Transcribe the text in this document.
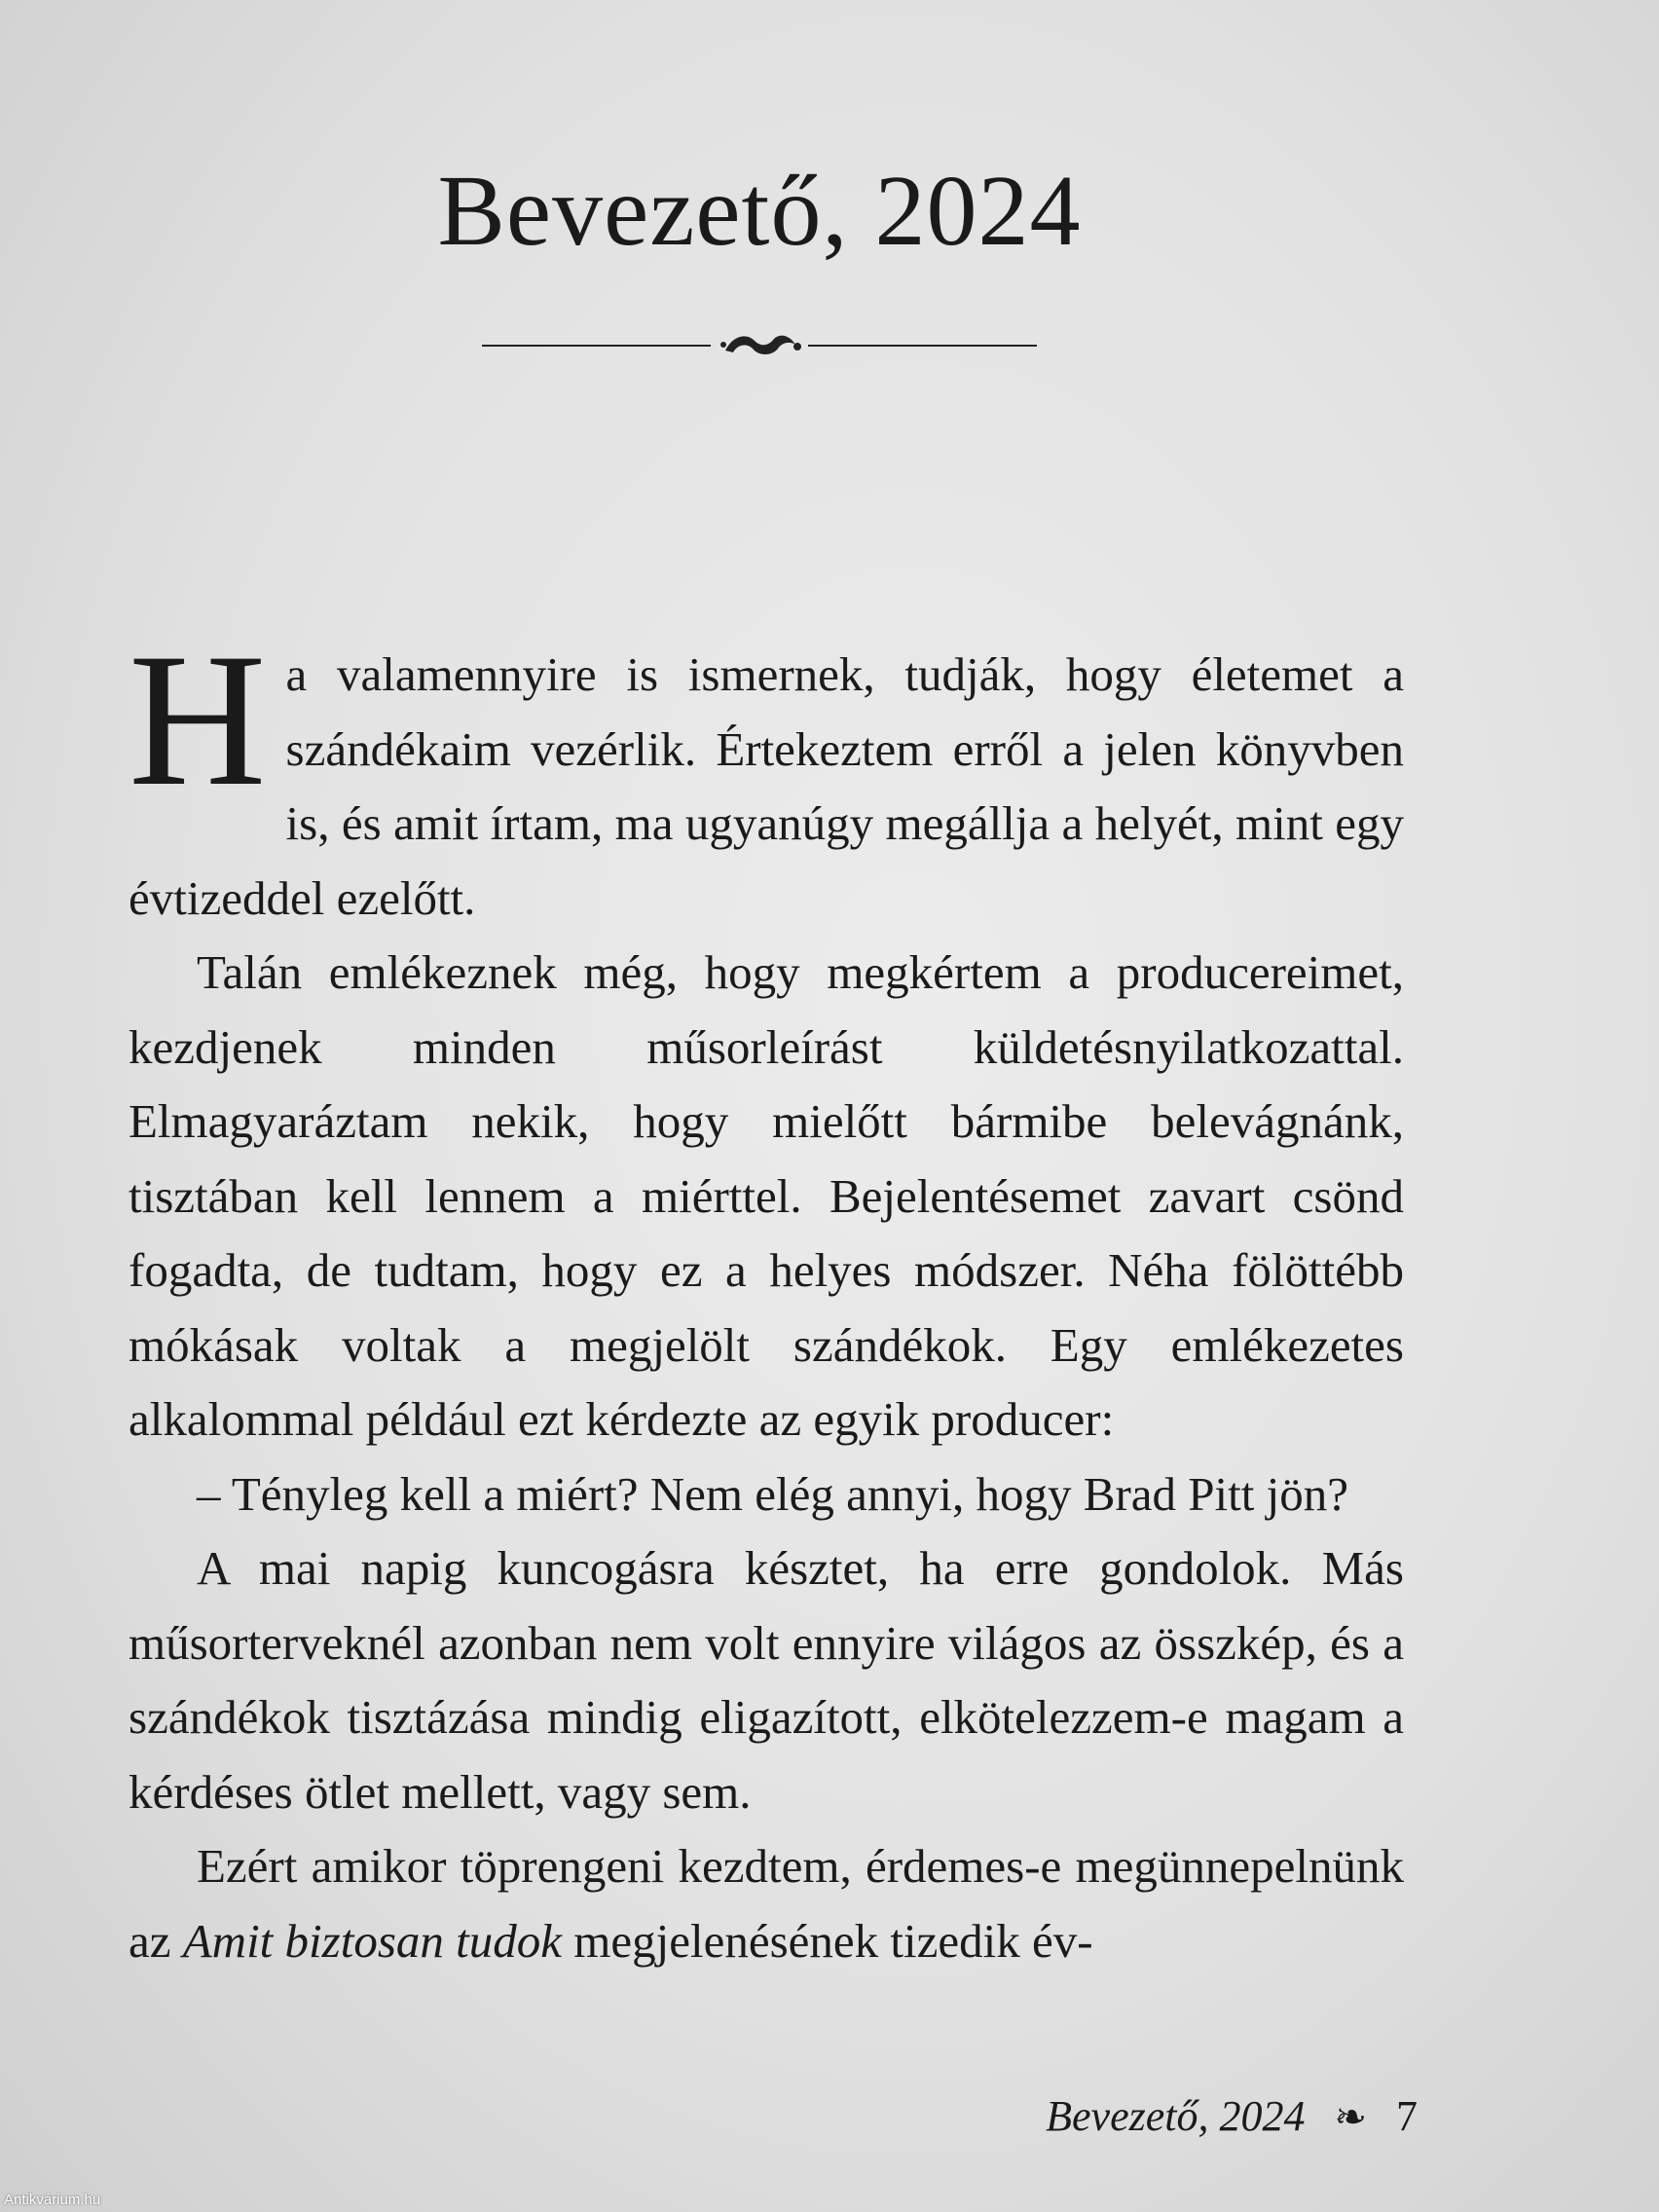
Bevezető, 2024

Ha valamennyire is ismernek, tudják, hogy életemet a szándékaim vezérlik. Értekeztem erről a jelen könyvben is, és amit írtam, ma ugyanúgy megállja a helyét, mint egy évtizeddel ezelőtt.

Talán emlékeznek még, hogy megkértem a producereimet, kezdjenek minden műsorleírást küldetésnyilatkozattal. Elmagyaráztam nekik, hogy mielőtt bármibe belevágnánk, tisztában kell lennem a miérttel. Bejelentésemet zavart csönd fogadta, de tudtam, hogy ez a helyes módszer. Néha fölöttébb mókásak voltak a megjelölt szándékok. Egy emlékezetes alkalommal például ezt kérdezte az egyik producer:

– Tényleg kell a miért? Nem elég annyi, hogy Brad Pitt jön?

A mai napig kuncogásra késztet, ha erre gondolok. Más műsorterveknél azonban nem volt ennyire világos az összkép, és a szándékok tisztázása mindig eligazított, elkötelezzem-e magam a kérdéses ötlet mellett, vagy sem.

Ezért amikor töprengeni kezdtem, érdemes-e megünnepelnünk az Amit biztosan tudok megjelenésének tizedik év-

Bevezető, 2024 ❧ 7
Antikvárium.hu
